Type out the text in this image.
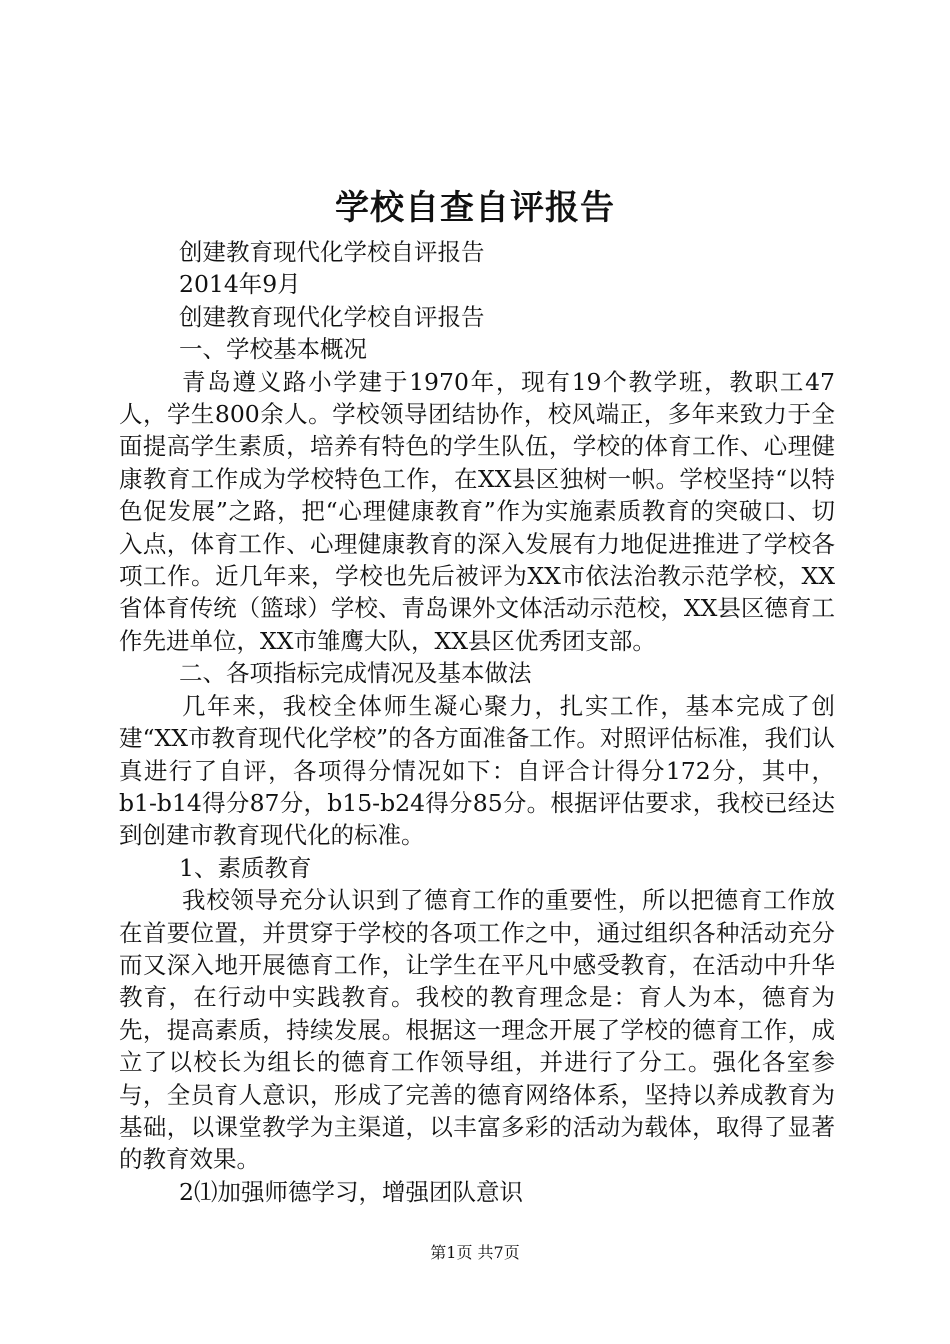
学校自查自评报告

创建教育现代化学校自评报告

2014年9月

创建教育现代化学校自评报告

一、学校基本概况

青岛遵义路小学建于1970年，现有19个教学班，教职工47人，学生800余人。学校领导团结协作，校风端正，多年来致力于全面提高学生素质，培养有特色的学生队伍，学校的体育工作、心理健康教育工作成为学校特色工作，在XX县区独树一帜。学校坚持“以特色促发展”之路，把“心理健康教育”作为实施素质教育的突破口、切入点，体育工作、心理健康教育的深入发展有力地促进推进了学校各项工作。近几年来，学校也先后被评为XX市依法治教示范学校，XX省体育传统（篮球）学校、青岛课外文体活动示范校，XX县区德育工作先进单位，XX市雏鹰大队，XX县区优秀团支部。

二、各项指标完成情况及基本做法

几年来，我校全体师生凝心聚力，扎实工作，基本完成了创建“XX市教育现代化学校”的各方面准备工作。对照评估标准，我们认真进行了自评，各项得分情况如下：自评合计得分172分，其中，b1-b14得分87分，b15-b24得分85分。根据评估要求，我校已经达到创建市教育现代化的标准。

1、素质教育

我校领导充分认识到了德育工作的重要性，所以把德育工作放在首要位置，并贯穿于学校的各项工作之中，通过组织各种活动充分而又深入地开展德育工作，让学生在平凡中感受教育，在活动中升华教育，在行动中实践教育。我校的教育理念是：育人为本，德育为先，提高素质，持续发展。根据这一理念开展了学校的德育工作，成立了以校长为组长的德育工作领导组，并进行了分工。强化各室参与，全员育人意识，形成了完善的德育网络体系，坚持以养成教育为基础，以课堂教学为主渠道，以丰富多彩的活动为载体，取得了显著的教育效果。

2⑴加强师德学习，增强团队意识

第1页 共7页
